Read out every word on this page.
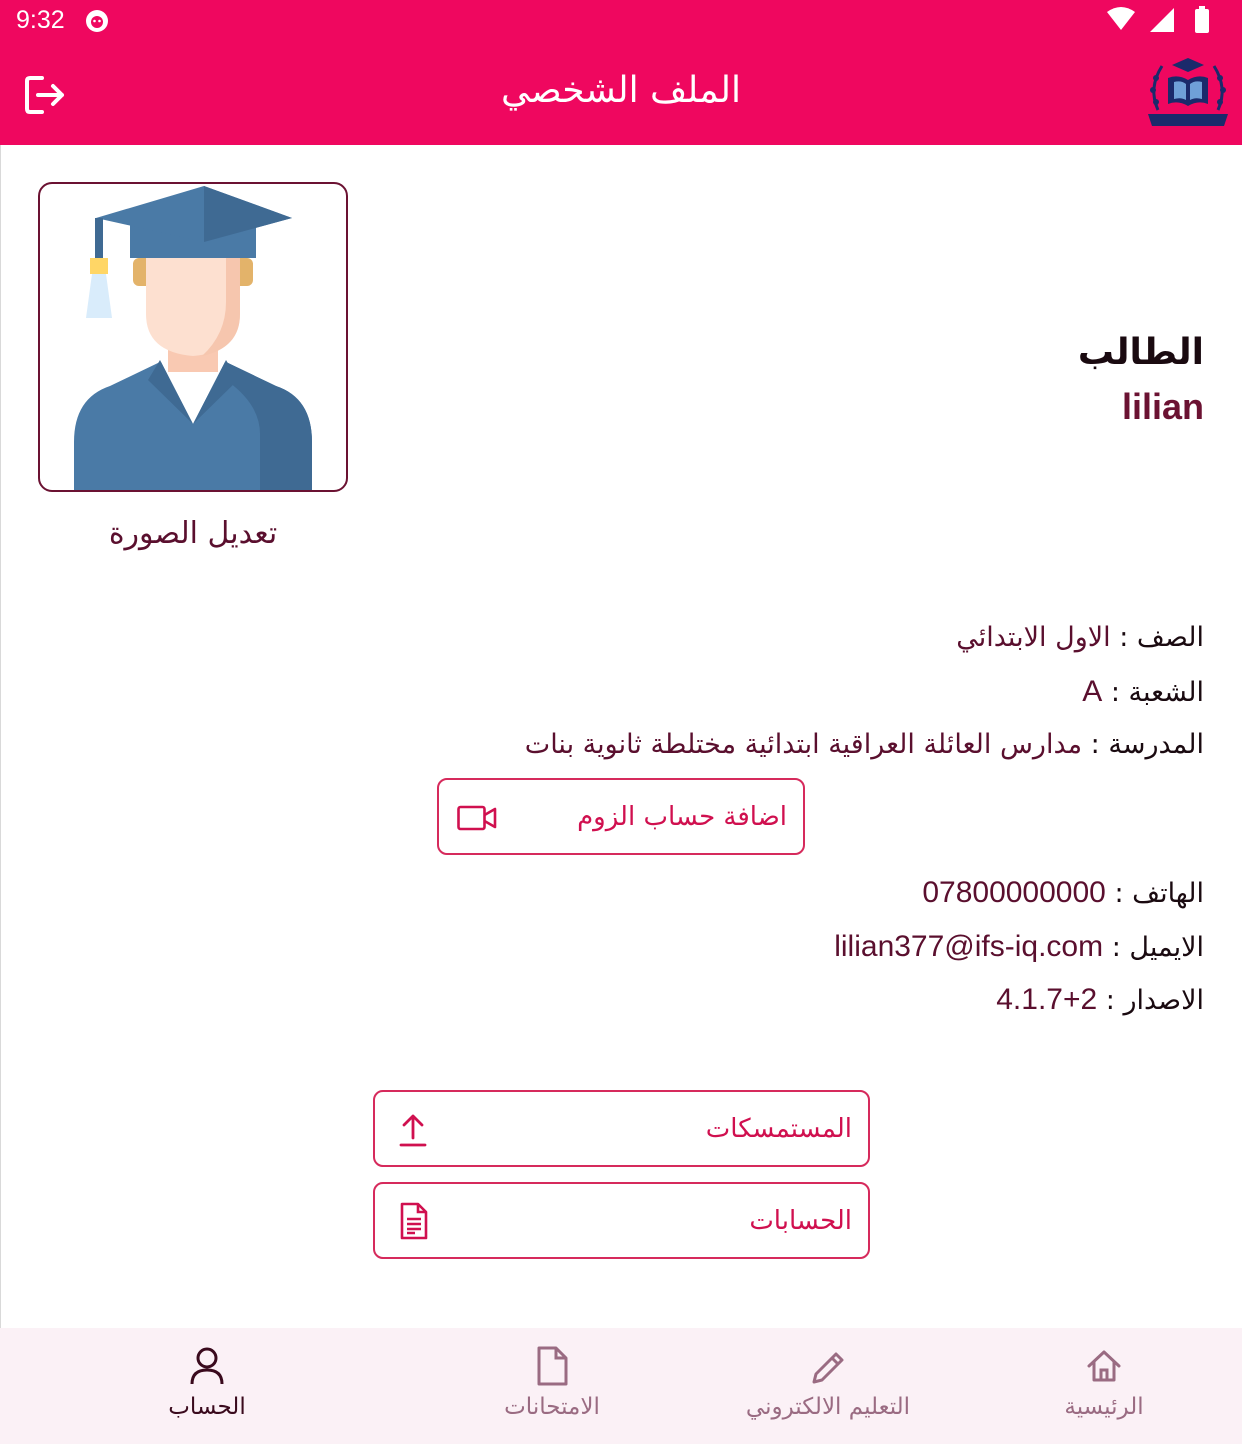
9:32
الملف الشخصي
تعديل الصورة
الطالب
lilian
الصف : الاول الابتدائي
الشعبة : A
المدرسة : مدارس العائلة العراقية ابتدائية مختلطة ثانوية بنات
اضافة حساب الزوم
الهاتف : 07800000000
الايميل : lilian377@ifs-iq.com
الاصدار : 4.1.7+2
المستمسكات
الحسابات
الحساب	الامتحانات	التعليم الالكتروني	الرئيسية
